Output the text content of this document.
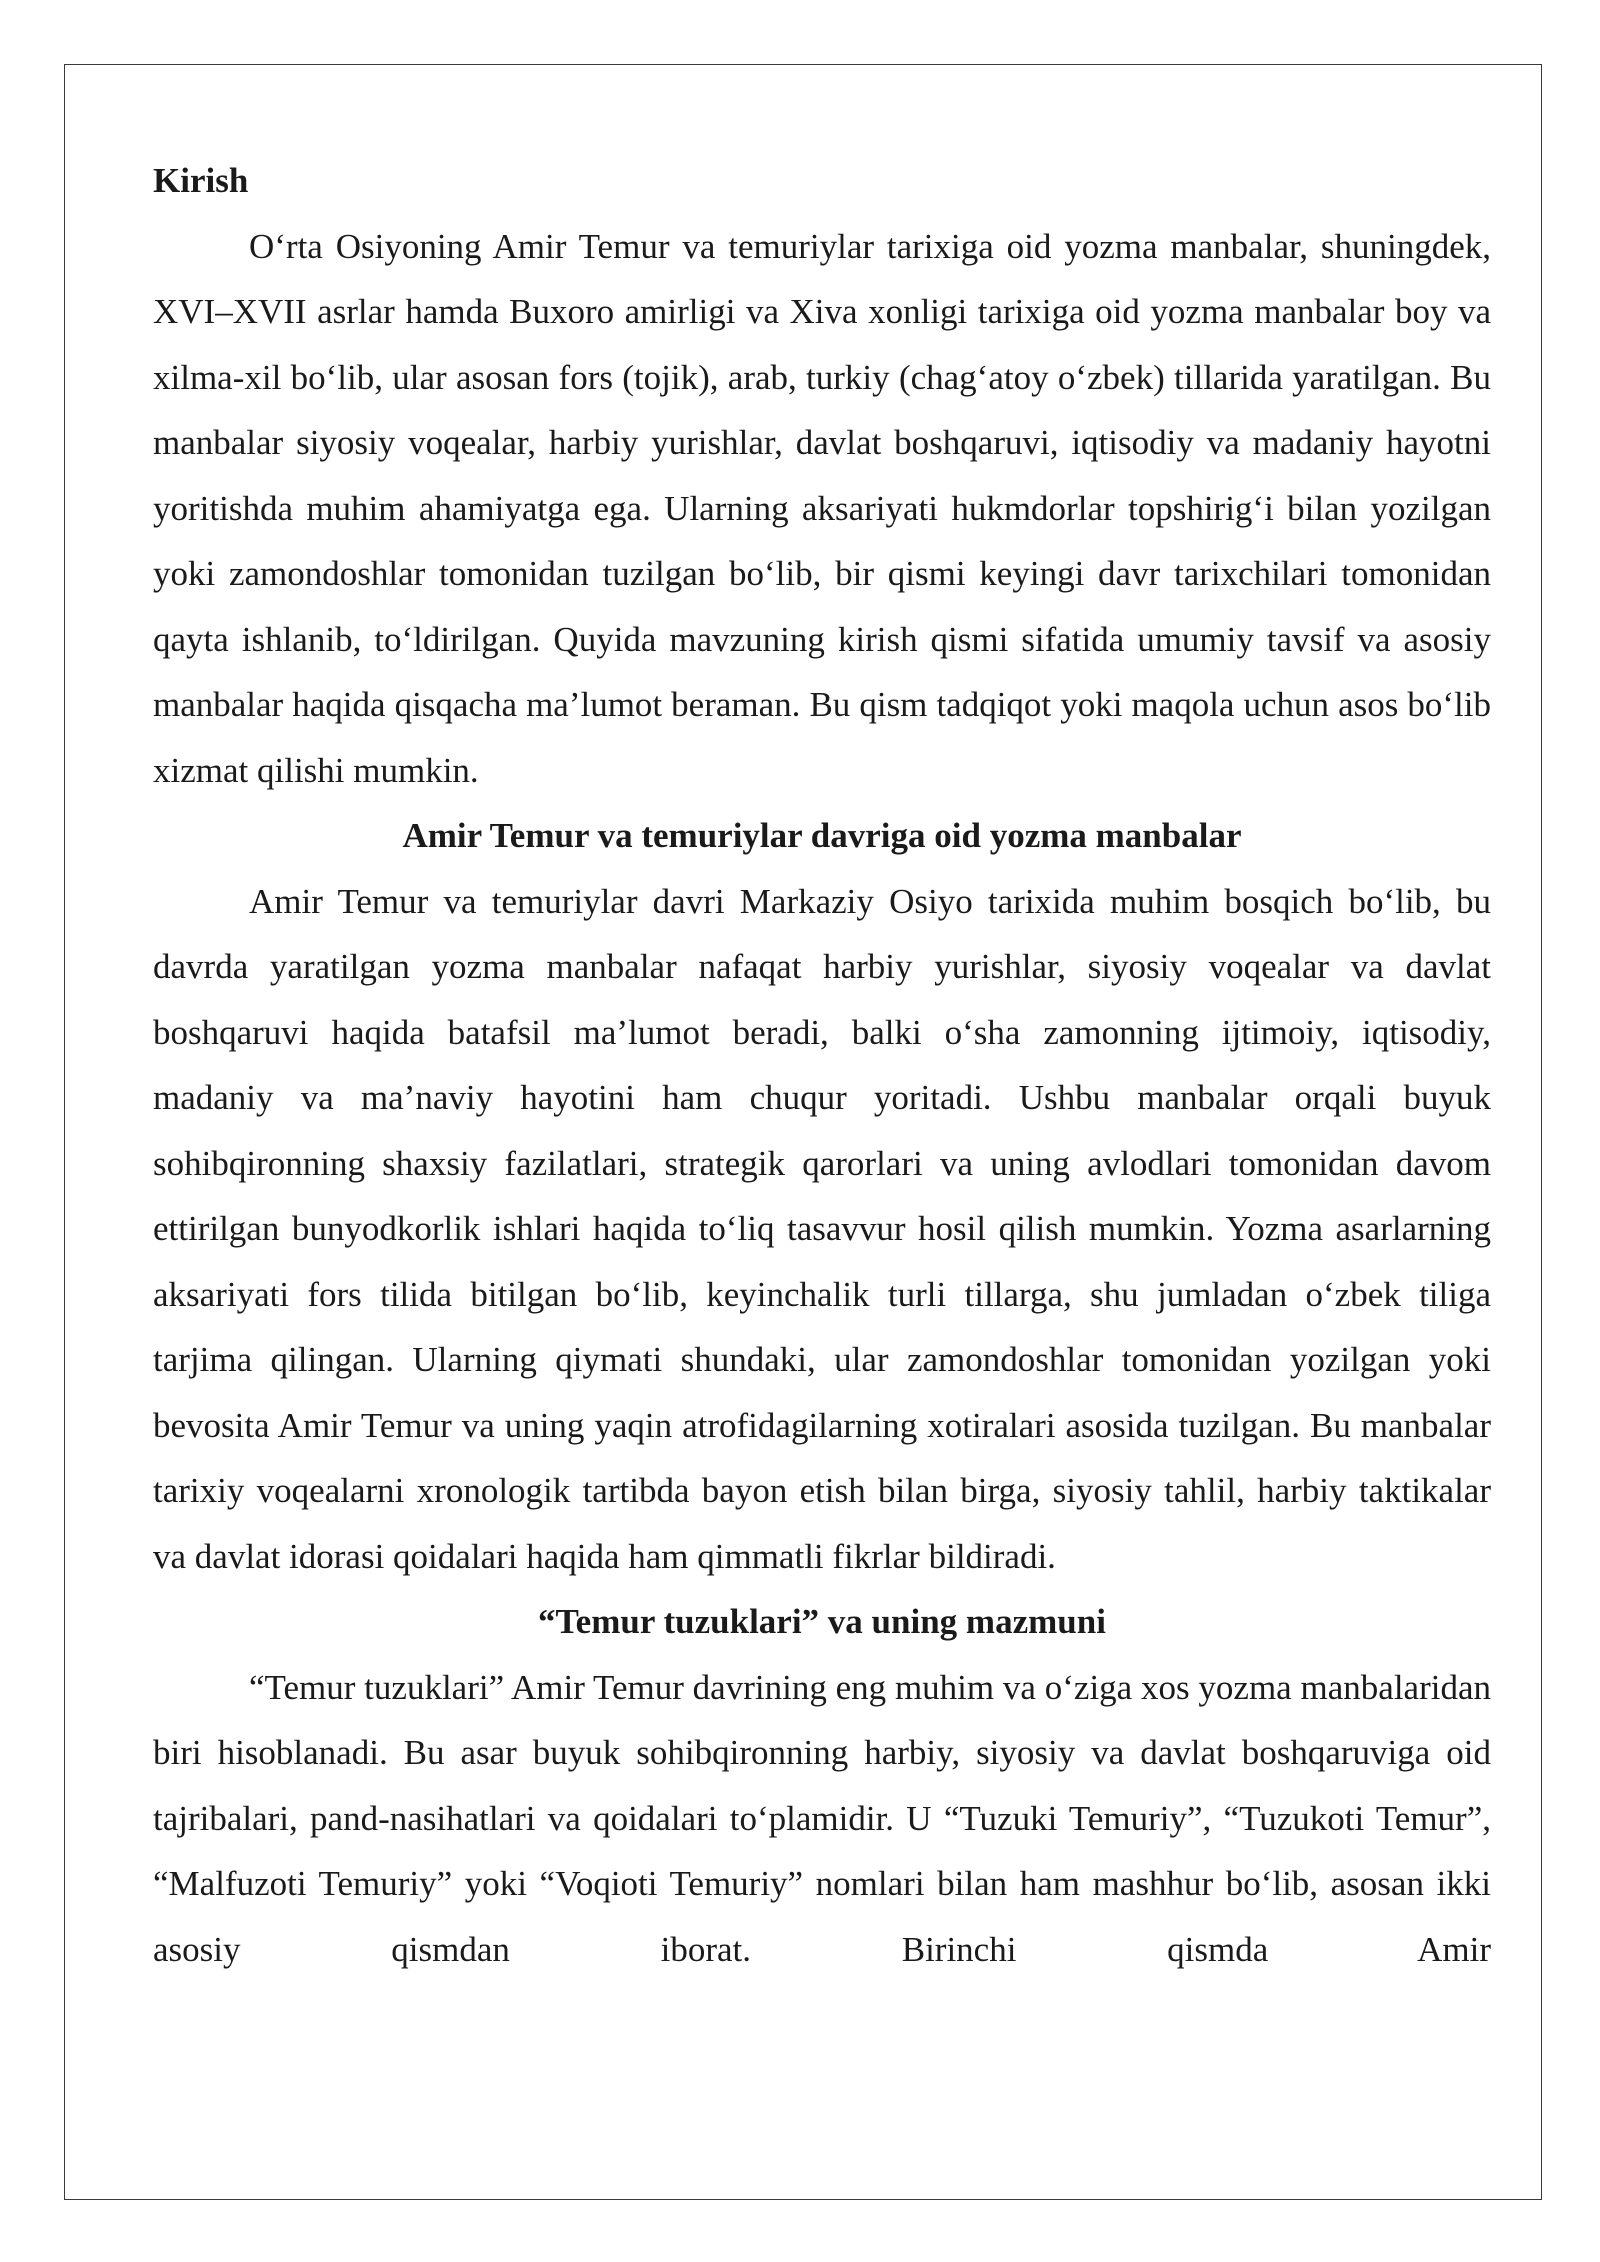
Kirish

O‘rta Osiyoning Amir Temur va temuriylar tarixiga oid yozma manbalar, shuningdek, XVI–XVII asrlar hamda Buxoro amirligi va Xiva xonligi tarixiga oid yozma manbalar boy va xilma-xil bo‘lib, ular asosan fors (tojik), arab, turkiy (chag‘atoy o‘zbek) tillarida yaratilgan. Bu manbalar siyosiy voqealar, harbiy yurishlar, davlat boshqaruvi, iqtisodiy va madaniy hayotni yoritishda muhim ahamiyatga ega. Ularning aksariyati hukmdorlar topshirig‘i bilan yozilgan yoki zamondoshlar tomonidan tuzilgan bo‘lib, bir qismi keyingi davr tarixchilari tomonidan qayta ishlanib, to‘ldirilgan. Quyida mavzuning kirish qismi sifatida umumiy tavsif va asosiy manbalar haqida qisqacha ma’lumot beraman. Bu qism tadqiqot yoki maqola uchun asos bo‘lib xizmat qilishi mumkin.

Amir Temur va temuriylar davriga oid yozma manbalar

Amir Temur va temuriylar davri Markaziy Osiyo tarixida muhim bosqich bo‘lib, bu davrda yaratilgan yozma manbalar nafaqat harbiy yurishlar, siyosiy voqealar va davlat boshqaruvi haqida batafsil ma’lumot beradi, balki o‘sha zamonning ijtimoiy, iqtisodiy, madaniy va ma’naviy hayotini ham chuqur yoritadi. Ushbu manbalar orqali buyuk sohibqironning shaxsiy fazilatlari, strategik qarorlari va uning avlodlari tomonidan davom ettirilgan bunyodkorlik ishlari haqida to‘liq tasavvur hosil qilish mumkin. Yozma asarlarning aksariyati fors tilida bitilgan bo‘lib, keyinchalik turli tillarga, shu jumladan o‘zbek tiliga tarjima qilingan. Ularning qiymati shundaki, ular zamondoshlar tomonidan yozilgan yoki bevosita Amir Temur va uning yaqin atrofidagilarning xotiralari asosida tuzilgan. Bu manbalar tarixiy voqealarni xronologik tartibda bayon etish bilan birga, siyosiy tahlil, harbiy taktikalar va davlat idorasi qoidalari haqida ham qimmatli fikrlar bildiradi.

“Temur tuzuklari” va uning mazmuni

“Temur tuzuklari” Amir Temur davrining eng muhim va o‘ziga xos yozma manbalaridan biri hisoblanadi. Bu asar buyuk sohibqironning harbiy, siyosiy va davlat boshqaruviga oid tajribalari, pand-nasihatlari va qoidalari to‘plamidir. U “Tuzuki Temuriy”, “Tuzukoti Temur”, “Malfuzoti Temuriy” yoki “Voqioti Temuriy” nomlari bilan ham mashhur bo‘lib, asosan ikki asosiy qismdan iborat. Birinchi qismda Amir
